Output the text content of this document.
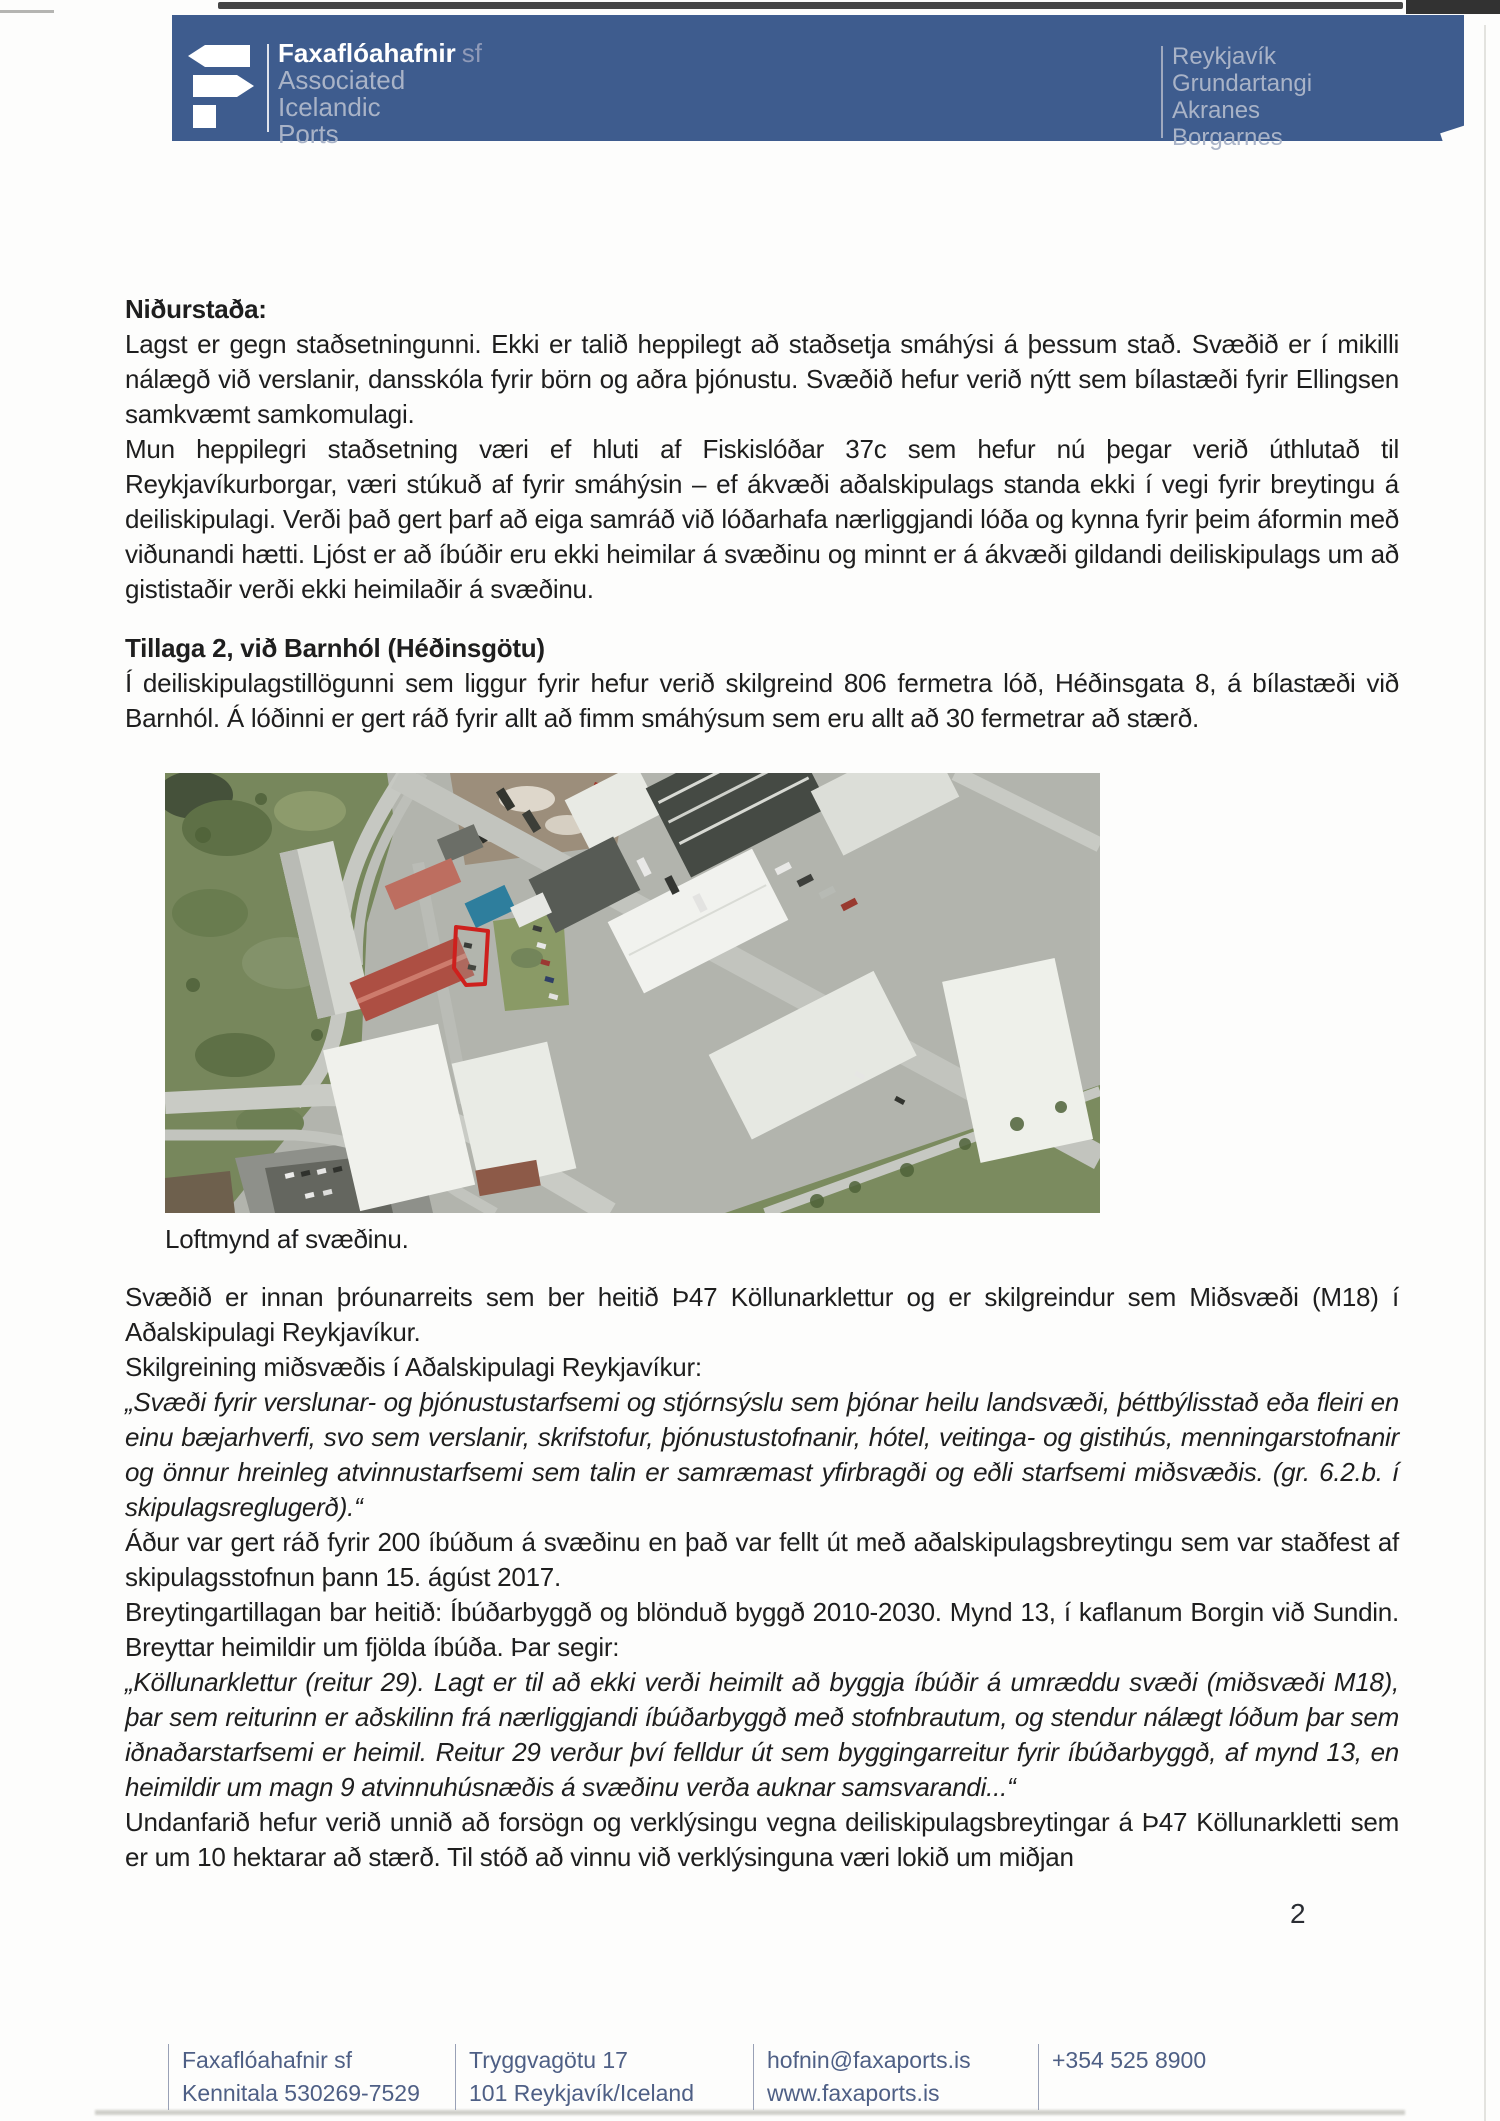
Faxaflóahafnir sf
Associated
Icelandic
Ports
Reykjavík
Grundartangi
Akranes
Borgarnes

Niðurstaða:

Lagst er gegn staðsetningunni. Ekki er talið heppilegt að staðsetja smáhýsi á þessum stað. Svæðið er í mikilli nálægð við verslanir, dansskóla fyrir börn og aðra þjónustu. Svæðið hefur verið nýtt sem bílastæði fyrir Ellingsen samkvæmt samkomulagi.

Mun heppilegri staðsetning væri ef hluti af Fiskislóðar 37c sem hefur nú þegar verið úthlutað til Reykjavíkurborgar, væri stúkuð af fyrir smáhýsin – ef ákvæði aðalskipulags standa ekki í vegi fyrir breytingu á deiliskipulagi. Verði það gert þarf að eiga samráð við lóðarhafa nærliggjandi lóða og kynna fyrir þeim áformin með viðunandi hætti. Ljóst er að íbúðir eru ekki heimilar á svæðinu og minnt er á ákvæði gildandi deiliskipulags um að gististaðir verði ekki heimilaðir á svæðinu.

Tillaga 2, við Barnhól (Héðinsgötu)

Í deiliskipulagstillögunni sem liggur fyrir hefur verið skilgreind 806 fermetra lóð, Héðinsgata 8, á bílastæði við Barnhól. Á lóðinni er gert ráð fyrir allt að fimm smáhýsum sem eru allt að 30 fermetrar að stærð.

Loftmynd af svæðinu.

Svæðið er innan þróunarreits sem ber heitið Þ47 Köllunarklettur og er skilgreindur sem Miðsvæði (M18) í Aðalskipulagi Reykjavíkur.

Skilgreining miðsvæðis í Aðalskipulagi Reykjavíkur:

„Svæði fyrir verslunar- og þjónustustarfsemi og stjórnsýslu sem þjónar heilu landsvæði, þéttbýlisstað eða fleiri en einu bæjarhverfi, svo sem verslanir, skrifstofur, þjónustustofnanir, hótel, veitinga- og gistihús, menningarstofnanir og önnur hreinleg atvinnustarfsemi sem talin er samræmast yfirbragði og eðli starfsemi miðsvæðis. (gr. 6.2.b. í skipulagsreglugerð).“

Áður var gert ráð fyrir 200 íbúðum á svæðinu en það var fellt út með aðalskipulagsbreytingu sem var staðfest af skipulagsstofnun þann 15. ágúst 2017.

Breytingartillagan bar heitið: Íbúðarbyggð og blönduð byggð 2010-2030. Mynd 13, í kaflanum Borgin við Sundin. Breyttar heimildir um fjölda íbúða. Þar segir:

„Köllunarklettur (reitur 29). Lagt er til að ekki verði heimilt að byggja íbúðir á umræddu svæði (miðsvæði M18), þar sem reiturinn er aðskilinn frá nærliggjandi íbúðarbyggð með stofnbrautum, og stendur nálægt lóðum þar sem iðnaðarstarfsemi er heimil. Reitur 29 verður því felldur út sem byggingarreitur fyrir íbúðarbyggð, af mynd 13, en heimildir um magn 9 atvinnuhúsnæðis á svæðinu verða auknar samsvarandi...“

Undanfarið hefur verið unnið að forsögn og verklýsingu vegna deiliskipulagsbreytingar á Þ47 Köllunarkletti sem er um 10 hektarar að stærð. Til stóð að vinnu við verklýsinguna væri lokið um miðjan

2
Faxaflóahafnir sf
Kennitala 530269-7529
Tryggvagötu 17
101 Reykjavík/Iceland
hofnin@faxaports.is
www.faxaports.is
+354 525 8900
